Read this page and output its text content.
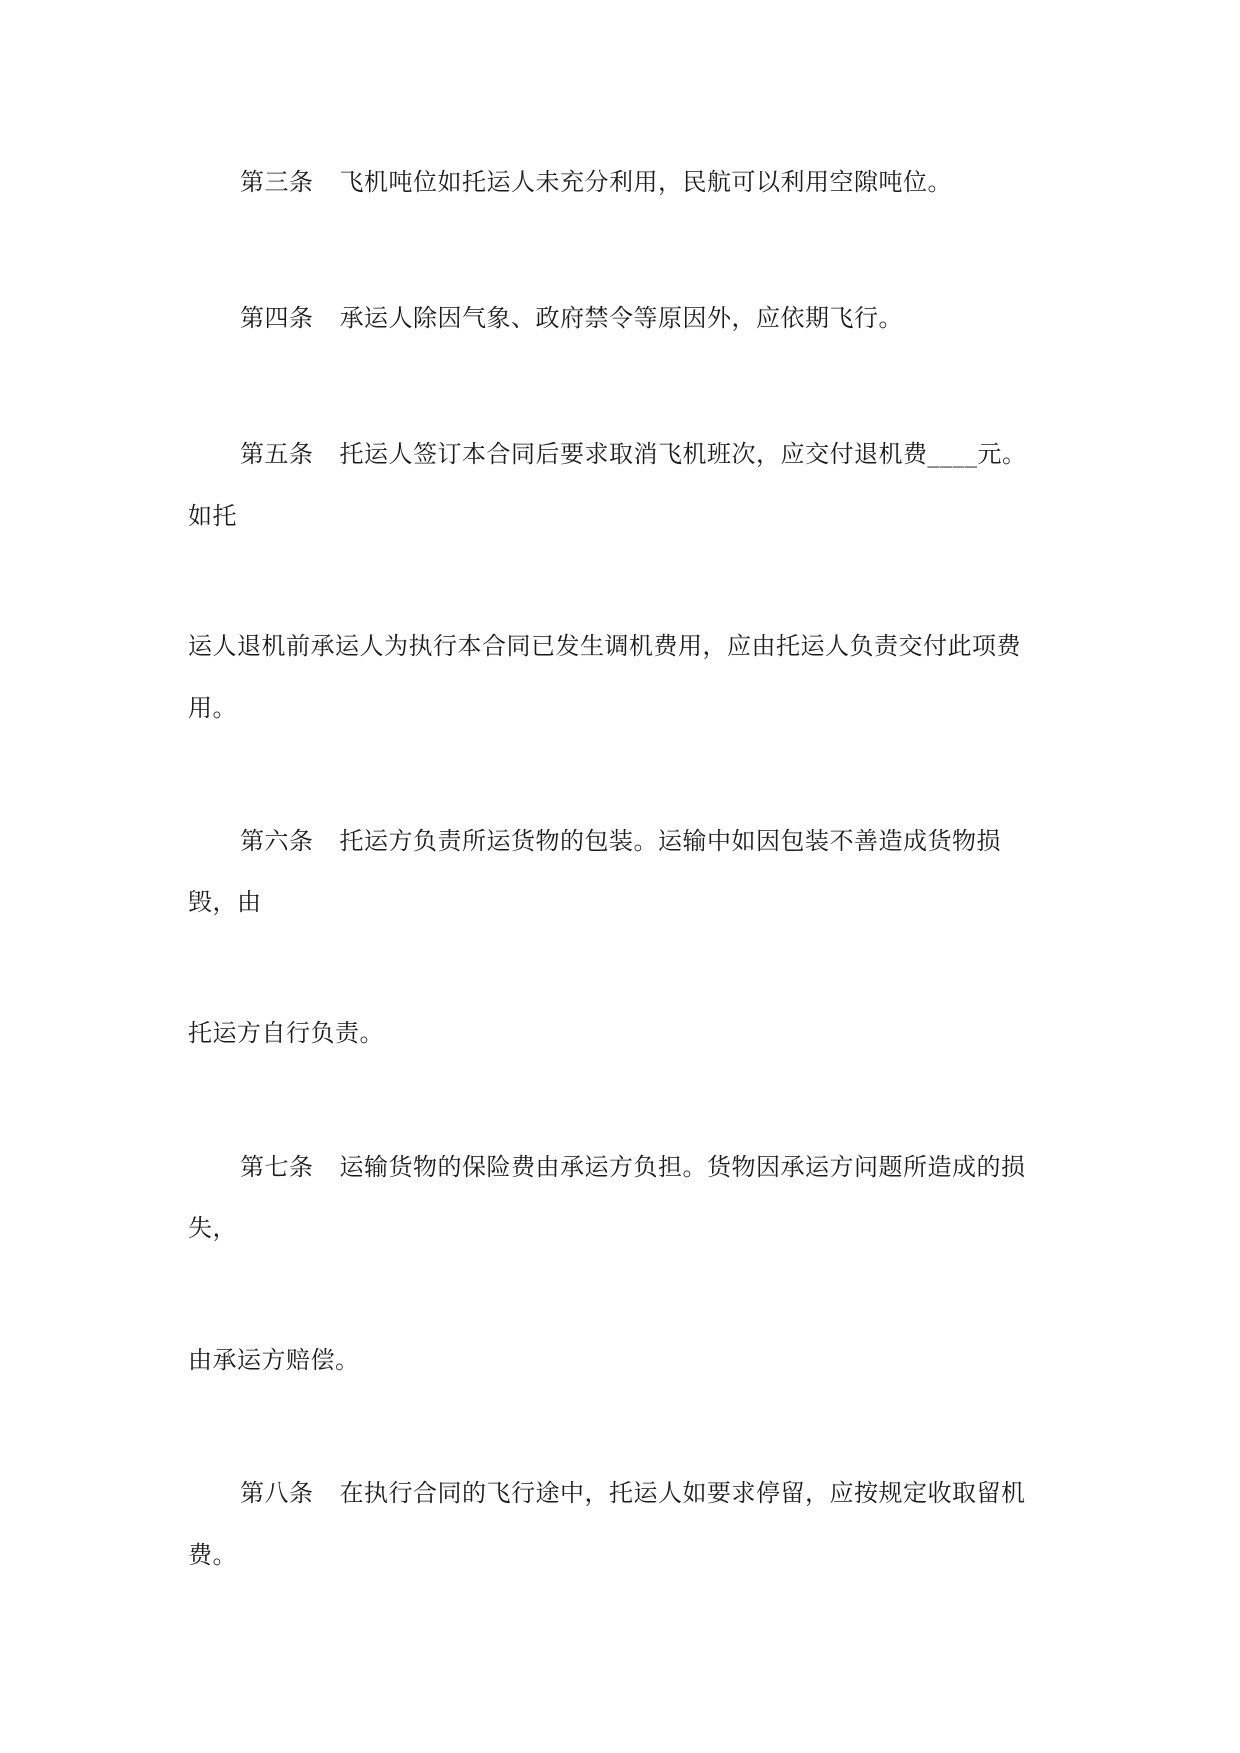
第三条 飞机吨位如托运人未充分利用，民航可以利用空隙吨位。
第四条 承运人除因气象、政府禁令等原因外，应依期飞行。
第五条 托运人签订本合同后要求取消飞机班次，应交付退机费____元。
如托
运人退机前承运人为执行本合同已发生调机费用，应由托运人负责交付此项费
用。
第六条 托运方负责所运货物的包装。运输中如因包装不善造成货物损
毁，由
托运方自行负责。
第七条 运输货物的保险费由承运方负担。货物因承运方问题所造成的损
失，
由承运方赔偿。
第八条 在执行合同的飞行途中，托运人如要求停留，应按规定收取留机
费。
